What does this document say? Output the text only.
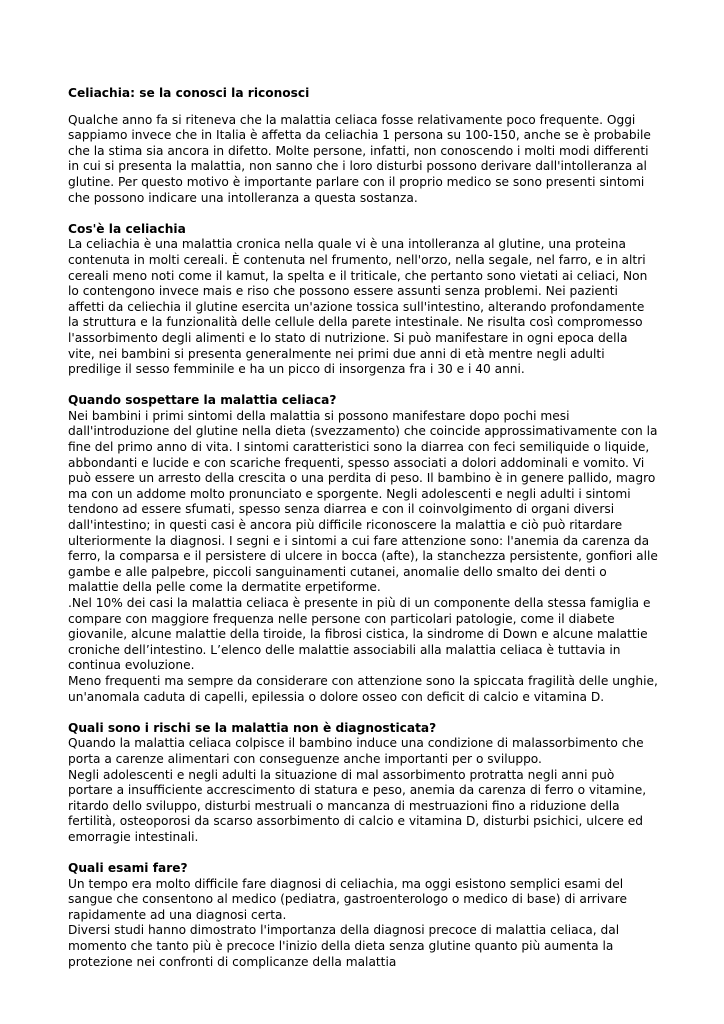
Celiachia: se la conosci la riconosci

Qualche anno fa si riteneva che la malattia celiaca fosse relativamente poco frequente. Oggi sappiamo invece che in Italia è affetta da celiachia 1 persona su 100-150, anche se è probabile che la stima sia ancora in difetto. Molte persone, infatti, non conoscendo i molti modi differenti in cui si presenta la malattia, non sanno che i loro disturbi possono derivare dall'intolleranza al glutine. Per questo motivo è importante parlare con il proprio medico se sono presenti sintomi che possono indicare una intolleranza a questa sostanza.

Cos'è la celiachia

La celiachia è una malattia cronica nella quale vi è una intolleranza al glutine, una proteina contenuta in molti cereali. È contenuta nel frumento, nell'orzo, nella segale, nel farro, e in altri cereali meno noti come il kamut, la spelta e il triticale, che pertanto sono vietati ai celiaci, Non lo contengono invece mais e riso che possono essere assunti senza problemi. Nei pazienti affetti da celiechia il glutine esercita un'azione tossica sull'intestino, alterando profondamente la struttura e la funzionalità delle cellule della parete intestinale. Ne risulta così compromesso l'assorbimento degli alimenti e lo stato di nutrizione. Si può manifestare in ogni epoca della vite, nei bambini si presenta generalmente nei primi due anni di età mentre negli adulti predilige il sesso femminile e ha un picco di insorgenza fra i 30 e i 40 anni.

Quando sospettare la malattia celiaca?

Nei bambini i primi sintomi della malattia si possono manifestare dopo pochi mesi dall'introduzione del glutine nella dieta (svezzamento) che coincide approssimativamente con la fine del primo anno di vita. I sintomi caratteristici sono la diarrea con feci semiliquide o liquide, abbondanti e lucide e con scariche frequenti, spesso associati a dolori addominali e vomito. Vi può essere un arresto della crescita o una perdita di peso. Il bambino è in genere pallido, magro ma con un addome molto pronunciato e sporgente. Negli adolescenti e negli adulti i sintomi tendono ad essere sfumati, spesso senza diarrea e con il coinvolgimento di organi diversi dall'intestino; in questi casi è ancora più difficile riconoscere la malattia e ciò può ritardare ulteriormente la diagnosi. I segni e i sintomi a cui fare attenzione sono: l'anemia da carenza da ferro, la comparsa e il persistere di ulcere in bocca (afte), la stanchezza persistente, gonfiori alle gambe e alle palpebre, piccoli sanguinamenti cutanei, anomalie dello smalto dei denti o malattie della pelle come la dermatite erpetiforme.

.Nel 10% dei casi la malattia celiaca è presente in più di un componente della stessa famiglia e compare con maggiore frequenza nelle persone con particolari patologie, come il diabete giovanile, alcune malattie della tiroide, la fibrosi cistica, la sindrome di Down e alcune malattie croniche dell’intestino. L’elenco delle malattie associabili alla malattia celiaca è tuttavia in continua evoluzione.

Meno frequenti ma sempre da considerare con attenzione sono la spiccata fragilità delle unghie, un'anomala caduta di capelli, epilessia o dolore osseo con deficit di calcio e vitamina D.

Quali sono i rischi se la malattia non è diagnosticata?

Quando la malattia celiaca colpisce il bambino induce una condizione di malassorbimento che porta a carenze alimentari con conseguenze anche importanti per o sviluppo.

Negli adolescenti e negli adulti la situazione di mal assorbimento protratta negli anni può portare a insufficiente accrescimento di statura e peso, anemia da carenza di ferro o vitamine, ritardo dello sviluppo, disturbi mestruali o mancanza di mestruazioni fino a riduzione della fertilità, osteoporosi da scarso assorbimento di calcio e vitamina D, disturbi psichici, ulcere ed emorragie intestinali.

Quali esami fare?

Un tempo era molto difficile fare diagnosi di celiachia, ma oggi esistono semplici esami del sangue che consentono al medico (pediatra, gastroenterologo o medico di base) di arrivare rapidamente ad una diagnosi certa.

Diversi studi hanno dimostrato l'importanza della diagnosi precoce di malattia celiaca, dal momento che tanto più è precoce l'inizio della dieta senza glutine quanto più aumenta la protezione nei confronti di complicanze della malattia
